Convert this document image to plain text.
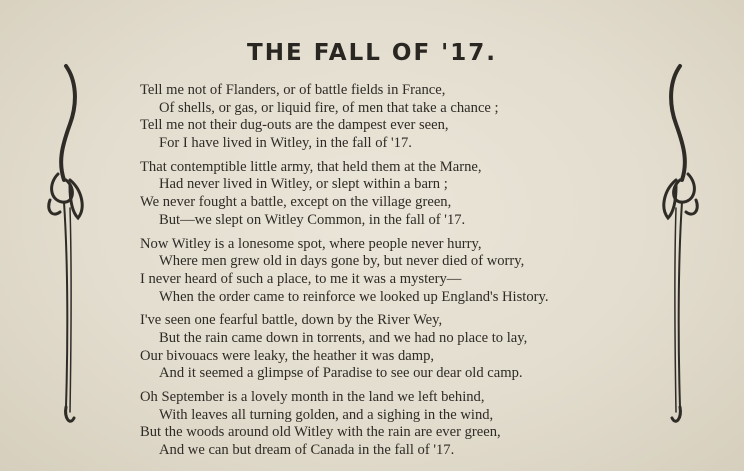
THE FALL OF '17.
Tell me not of Flanders, or of battle fields in France,
Of shells, or gas, or liquid fire, of men that take a chance ;
Tell me not their dug-outs are the dampest ever seen,
For I have lived in Witley, in the fall of '17.
That contemptible little army, that held them at the Marne,
Had never lived in Witley, or slept within a barn ;
We never fought a battle, except on the village green,
But—we slept on Witley Common, in the fall of '17.
Now Witley is a lonesome spot, where people never hurry,
Where men grew old in days gone by, but never died of worry,
I never heard of such a place, to me it was a mystery—
When the order came to reinforce we looked up England's History.
I've seen one fearful battle, down by the River Wey,
But the rain came down in torrents, and we had no place to lay,
Our bivouacs were leaky, the heather it was damp,
And it seemed a glimpse of Paradise to see our dear old camp.
Oh September is a lovely month in the land we left behind,
With leaves all turning golden, and a sighing in the wind,
But the woods around old Witley with the rain are ever green,
And we can but dream of Canada in the fall of '17.
